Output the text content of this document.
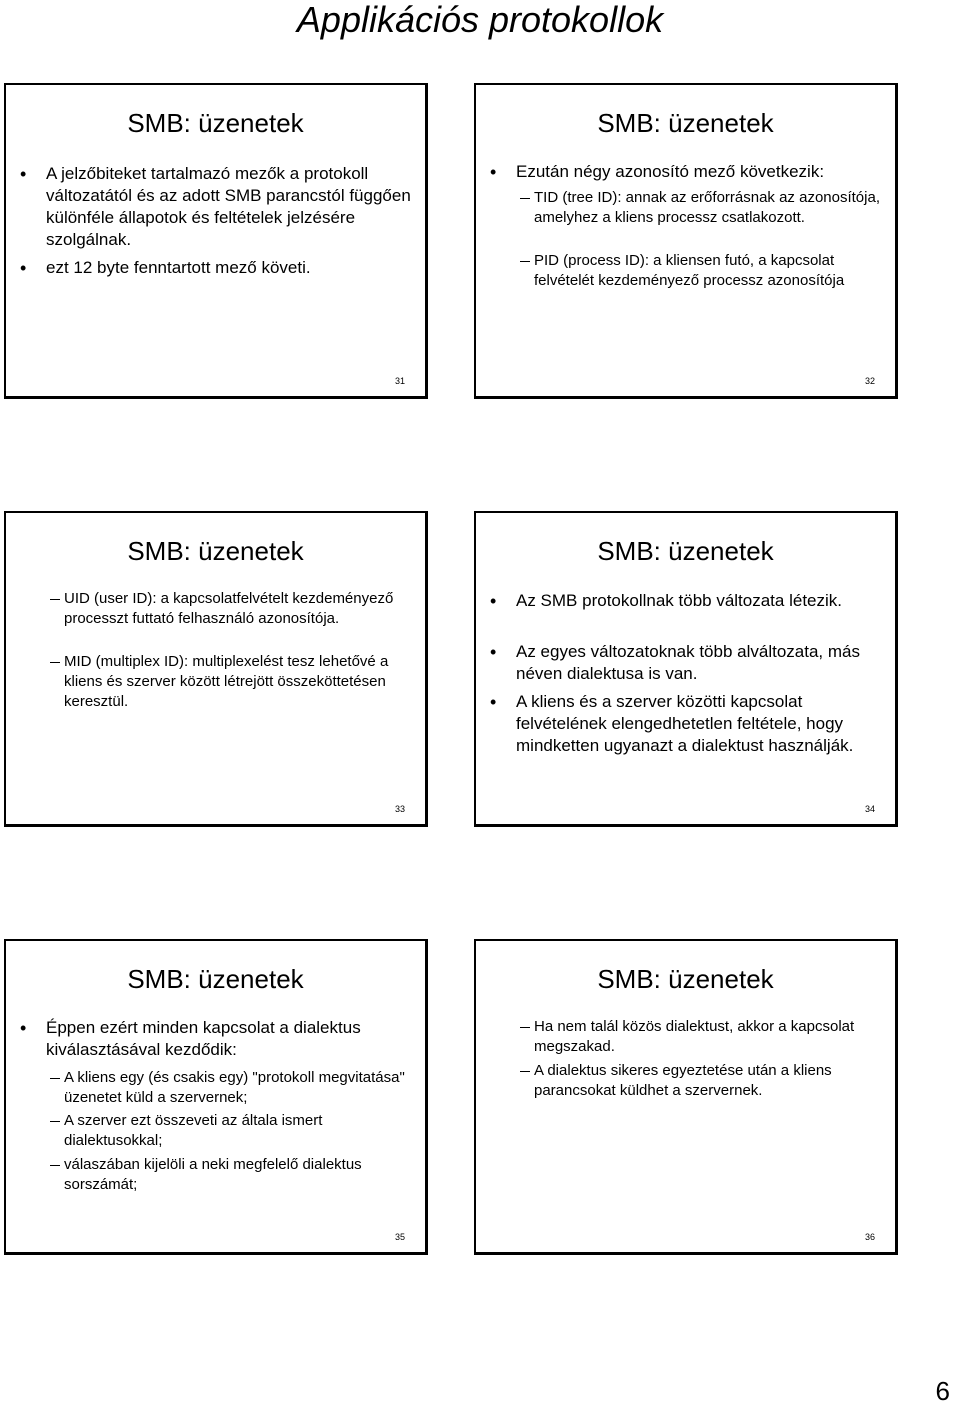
Applikációs protokollok
SMB: üzenetek
•	A jelzőbiteket tartalmazó mezők a protokoll változatától és az adott SMB parancstól függően különféle állapotok és feltételek jelzésére szolgálnak.
•	ezt 12 byte fenntartott mező követi.
31
SMB: üzenetek
•	Ezután négy azonosító mező következik:
TID (tree ID): annak az erőforrásnak az azonosítója, amelyhez a kliens processz csatlakozott.
PID (process ID): a kliensen futó, a kapcsolat felvételét kezdeményező processz azonosítója
32
SMB: üzenetek
UID (user ID): a kapcsolatfelvételt kezdeményező processzt futtató felhasználó azonosítója.
MID (multiplex ID): multiplexelést tesz lehetővé a kliens és szerver között létrejött összeköttetésen keresztül.
33
SMB: üzenetek
•	Az SMB protokollnak több változata létezik.
•	Az egyes változatoknak több alváltozata, más néven dialektusa is van.
•	A kliens és a szerver közötti kapcsolat felvételének elengedhetetlen feltétele, hogy mindketten ugyanazt a dialektust használják.
34
SMB: üzenetek
•	Éppen ezért minden kapcsolat a dialektus kiválasztásával kezdődik:
A kliens egy (és csakis egy) "protokoll megvitatása" üzenetet küld a szervernek;
A szerver ezt összeveti az általa ismert dialektusokkal;
válaszában kijelöli a neki megfelelő dialektus sorszámát;
35
SMB: üzenetek
Ha nem talál közös dialektust, akkor a kapcsolat megszakad.
A dialektus sikeres egyeztetése után a kliens parancsokat küldhet a szervernek.
36
6
